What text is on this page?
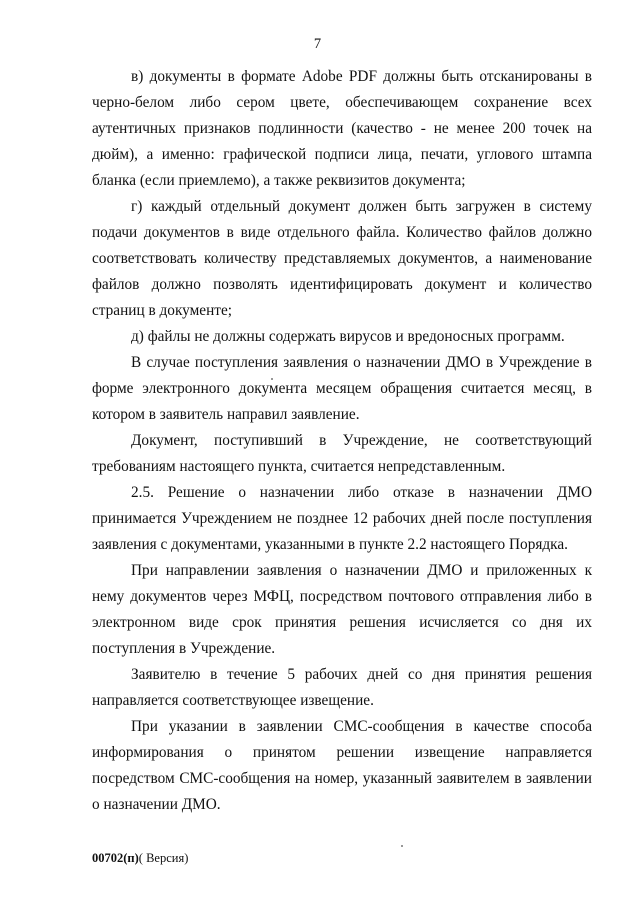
7

в) документы в формате Adobe PDF должны быть отсканированы в черно-белом либо сером цвете, обеспечивающем сохранение всех аутентичных признаков подлинности (качество - не менее 200 точек на дюйм), а именно: графической подписи лица, печати, углового штампа бланка (если приемлемо), а также реквизитов документа;

г) каждый отдельный документ должен быть загружен в систему подачи документов в виде отдельного файла. Количество файлов должно соответствовать количеству представляемых документов, а наименование файлов должно позволять идентифицировать документ и количество страниц в документе;

д) файлы не должны содержать вирусов и вредоносных программ.

В случае поступления заявления о назначении ДМО в Учреждение в форме электронного документа месяцем обращения считается месяц, в котором в заявитель направил заявление.

Документ, поступивший в Учреждение, не соответствующий требованиям настоящего пункта, считается непредставленным.

2.5. Решение о назначении либо отказе в назначении ДМО принимается Учреждением не позднее 12 рабочих дней после поступления заявления с документами, указанными в пункте 2.2 настоящего Порядка.

При направлении заявления о назначении ДМО и приложенных к нему документов через МФЦ, посредством почтового отправления либо в электронном виде срок принятия решения исчисляется со дня их поступления в Учреждение.

Заявителю в течение 5 рабочих дней со дня принятия решения направляется соответствующее извещение.

При указании в заявлении СМС-сообщения в качестве способа информирования о принятом решении извещение направляется посредством СМС-сообщения на номер, указанный заявителем в заявлении о назначении ДМО.

00702(п)( Версия)
